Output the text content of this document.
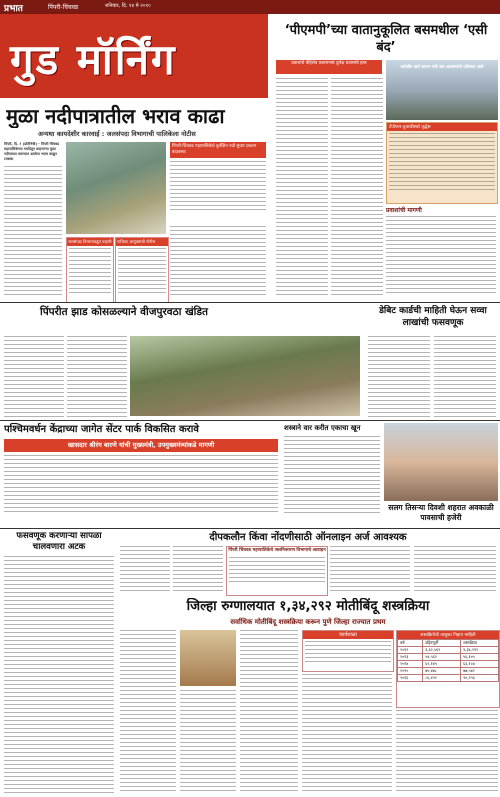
प्रभात	पिंपरी-चिंचवड	शनिवार, दि. १४ मे २०१०
गुड मॉर्निंग
मुळा नदीपात्रातील भराव काढा
अन्यथा कायदेशीर कारवाई : जलसंपदा विभागाची पालिकेला नोटीस
पिंपरी, दि. १ (प्रतिनिधी) - पिंपरी चिंचवड महापालिकेच्या मर्यादेतून वाहणाऱ्या मुळा नदीपात्रात करण्यात आलेला भराव काढून टाकावा
जलसंपदा विभागाकडून पाहणी	पालिका आयुक्तांची नोटीस
पिंपरी-चिंचवड महापालिकेचे दुर्लक्षित नदी सुधार प्रकल्प बंदावस्था
‘पीएमपी’च्या वातानुकूलित बसमधील ‘एसी बंद’
प्रवाशांचे बेहिशेब प्रशासनाचे दुर्लक्ष प्रवासांचे हाल
करोडोंत खर्च करून एसी बस आलाच्यांचे प्रतिसाद जाते
टेंपोपान-दुचाकीस्वरे वृद्धेस
प्रवाशांची मागणी
पिंपरीत झाड कोसळल्याने वीजपुरवठा खंडित	डेबिट कार्डची माहिती घेऊन सव्वा लाखांची फसवणूक
पश्चिमवर्धन केंद्राच्या जागेत सेंटर पार्क विकसित करावे
खासदार श्रीरंग बारणे यांची मुख्यमंत्री, उपमुख्यमंत्र्यांकडे मागणी
शस्त्राने वार करीत एकाचा खून
सलग तिसऱ्या दिवशी शहरात अवकाळी पावसाची हजेरी
फसवणूक करणाऱ्या सापळा चालवणारा अटक
दीपकलौन किंवा नोंदणीसाठी ऑनलाइन अर्ज आवश्यक
पिंपरी चिंचवड महापालिकेचे जलनिःसारण विभागाचे आवाहन
जिल्हा रुग्णालयात १,३४,२९२ मोतीबिंदू शस्त्रक्रिया
सर्वाधिक मोतीबिंदू शस्त्रक्रिया करून पुणे जिल्हा राज्यात प्रथम
कार्यशाळा	शस्त्रक्रियेची तालुका निहाय माहिती
वर्ष	उद्दिष्टपूर्ती	शस्त्रक्रिया
२०१२	१,३२,५६२	१,३४,२९२
२०१३	५४,५६२	५६,१०५
२०१४	६२,१४५	६३,१८७
२०१५	७५,४७८	७७,५४२
२०१६	८६,४५२	९०,२५६
